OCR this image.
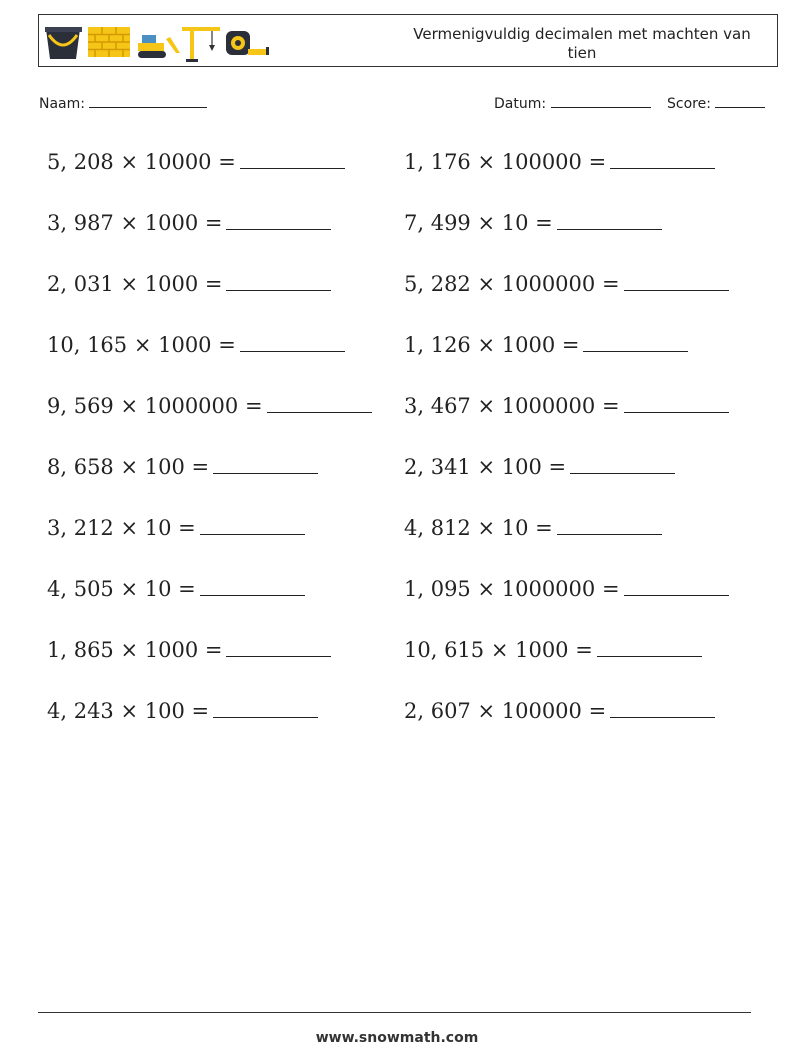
Vermenigvuldig decimalen met machten van tien
Naam:	Datum:	Score:
5, 208 × 10000 =
3, 987 × 1000 =
2, 031 × 1000 =
10, 165 × 1000 =
9, 569 × 1000000 =
8, 658 × 100 =
3, 212 × 10 =
4, 505 × 10 =
1, 865 × 1000 =
4, 243 × 100 =
1, 176 × 100000 =
7, 499 × 10 =
5, 282 × 1000000 =
1, 126 × 1000 =
3, 467 × 1000000 =
2, 341 × 100 =
4, 812 × 10 =
1, 095 × 1000000 =
10, 615 × 1000 =
2, 607 × 100000 =
www.snowmath.com
